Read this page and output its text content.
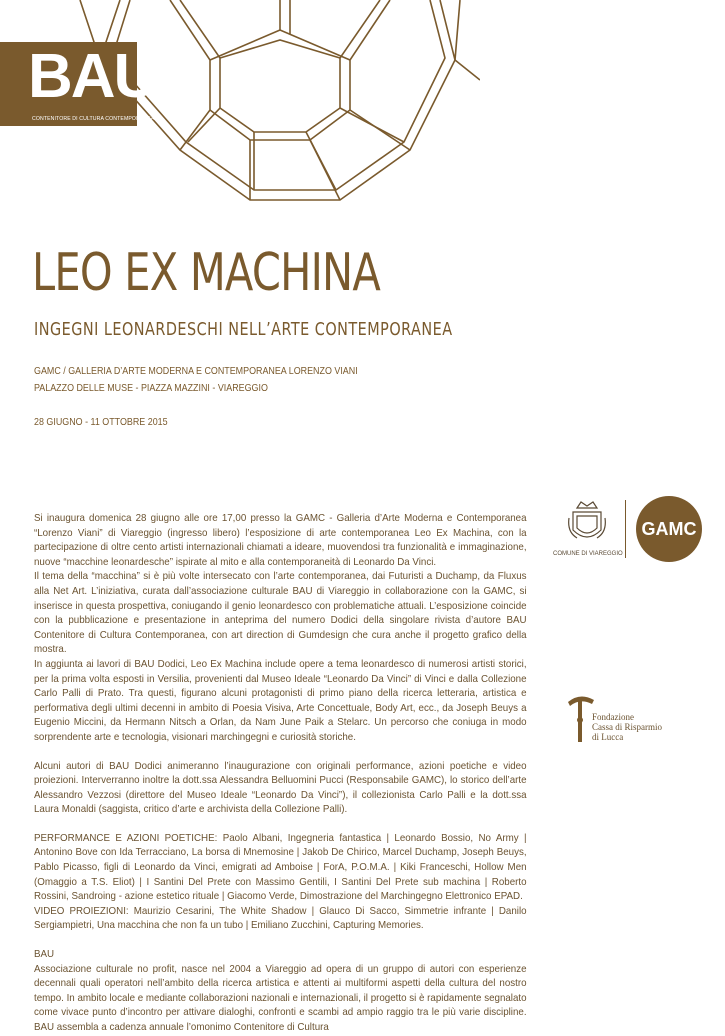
BAU
CONTENITORE DI CULTURA CONTEMPORANEA
LEO EX MACHINA
INGEGNI LEONARDESCHI NELL’ARTE CONTEMPORANEA
GAMC / GALLERIA D’ARTE MODERNA E CONTEMPORANEA LORENZO VIANI
PALAZZO DELLE MUSE - PIAZZA MAZZINI - VIAREGGIO
28 GIUGNO - 11 OTTOBRE 2015
COMUNE DI VIAREGGIO
GAMC
Fondazione
Cassa di Risparmio
di Lucca

Si inaugura domenica 28 giugno alle ore 17,00 presso la GAMC - Galleria d’Arte Moderna e Contemporanea “Lorenzo Viani” di Viareggio (ingresso libero) l’esposizione di arte contemporanea Leo Ex Machina, con la partecipazione di oltre cento artisti internazionali chiamati a ideare, muovendosi tra funzionalità e immaginazione, nuove “macchine leonardesche” ispirate al mito e alla contemporaneità di Leonardo Da Vinci.

Il tema della “macchina” si è più volte intersecato con l’arte contemporanea, dai Futuristi a Duchamp, da Fluxus alla Net Art. L’iniziativa, curata dall’associazione culturale BAU di Viareggio in collaborazione con la GAMC, si inserisce in questa prospettiva, coniugando il genio leonardesco con problematiche attuali. L’esposizione coincide con la pubblicazione e presentazione in anteprima del numero Dodici della singolare rivista d’autore BAU Contenitore di Cultura Contemporanea, con art direction di Gumdesign che cura anche il progetto grafico della mostra.

In aggiunta ai lavori di BAU Dodici, Leo Ex Machina include opere a tema leonardesco di numerosi artisti storici, per la prima volta esposti in Versilia, provenienti dal Museo Ideale “Leonardo Da Vinci” di Vinci e dalla Collezione Carlo Palli di Prato. Tra questi, figurano alcuni protagonisti di primo piano della ricerca letteraria, artistica e performativa degli ultimi decenni in ambito di Poesia Visiva, Arte Concettuale, Body Art, ecc., da Joseph Beuys a Eugenio Miccini, da Hermann Nitsch a Orlan, da Nam June Paik a Stelarc. Un percorso che coniuga in modo sorprendente arte e tecnologia, visionari marchingegni e curiosità storiche.

Alcuni autori di BAU Dodici animeranno l’inaugurazione con originali performance, azioni poetiche e video proiezioni. Interverranno inoltre la dott.ssa Alessandra Belluomini Pucci (Responsabile GAMC), lo storico dell’arte Alessandro Vezzosi (direttore del Museo Ideale “Leonardo Da Vinci”), il collezionista Carlo Palli e la dott.ssa Laura Monaldi (saggista, critico d’arte e archivista della Collezione Palli).

PERFORMANCE E AZIONI POETICHE: Paolo Albani, Ingegneria fantastica | Leonardo Bossio, No Army | Antonino Bove con Ida Terracciano, La borsa di Mnemosine | Jakob De Chirico, Marcel Duchamp, Joseph Beuys, Pablo Picasso, figli di Leonardo da Vinci, emigrati ad Amboise | ForA, P.O.M.A. | Kiki Franceschi, Hollow Men (Omaggio a T.S. Eliot) | I Santini Del Prete con Massimo Gentili, I Santini Del Prete sub machina | Roberto Rossini, Sandroing - azione estetico rituale | Giacomo Verde, Dimostrazione del Marchingegno Elettronico EPAD.

VIDEO PROIEZIONI: Maurizio Cesarini, The White Shadow | Glauco Di Sacco, Simmetrie infrante | Danilo Sergiampietri, Una macchina che non fa un tubo | Emiliano Zucchini, Capturing Memories.

BAU

Associazione culturale no profit, nasce nel 2004 a Viareggio ad opera di un gruppo di autori con esperienze decennali quali operatori nell’ambito della ricerca artistica e attenti ai multiformi aspetti della cultura del nostro tempo. In ambito locale e mediante collaborazioni nazionali e internazionali, il progetto si è rapidamente segnalato come vivace punto d’incontro per attivare dialoghi, confronti e scambi ad ampio raggio tra le più varie discipline. BAU assembla a cadenza annuale l’omonimo Contenitore di Cultura
